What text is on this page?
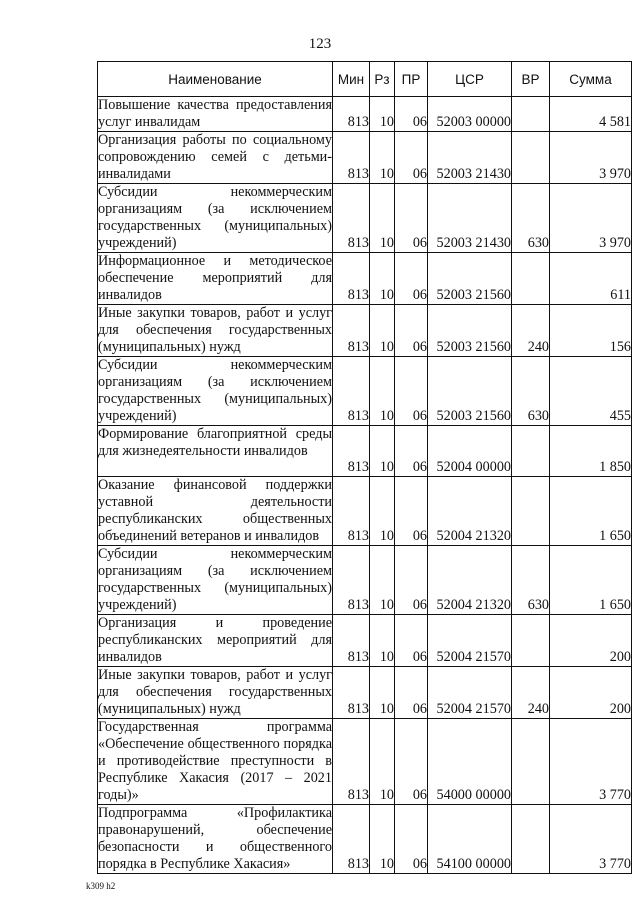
123
Наименование	Мин	Рз	ПР	ЦСР	ВР	Сумма
Повышение качества предоставления услуг инвалидам	813	10	06	52003 00000		4 581
Организация работы по социальному сопровождению семей с детьми-инвалидами	813	10	06	52003 21430		3 970
Субсидии некоммерческим организациям (за исключением государственных (муниципальных) учреждений)	813	10	06	52003 21430	630	3 970
Информационное и методическое обеспечение мероприятий для инвалидов	813	10	06	52003 21560		611
Иные закупки товаров, работ и услуг для обеспечения государственных (муниципальных) нужд	813	10	06	52003 21560	240	156
Субсидии некоммерческим организациям (за исключением государственных (муниципальных) учреждений)	813	10	06	52003 21560	630	455
Формирование благоприятной среды для жизнедеятельности инвалидов	813	10	06	52004 00000		1 850
Оказание финансовой поддержки уставной деятельности республиканских общественных объединений ветеранов и инвалидов	813	10	06	52004 21320		1 650
Субсидии некоммерческим организациям (за исключением государственных (муниципальных) учреждений)	813	10	06	52004 21320	630	1 650
Организация и проведение республиканских мероприятий для инвалидов	813	10	06	52004 21570		200
Иные закупки товаров, работ и услуг для обеспечения государственных (муниципальных) нужд	813	10	06	52004 21570	240	200
Государственная программа «Обеспечение общественного порядка и противодействие преступности в Республике Хакасия (2017 – 2021 годы)»	813	10	06	54000 00000		3 770
Подпрограмма «Профилактика правонарушений, обеспечение безопасности и общественного порядка в Республике Хакасия»	813	10	06	54100 00000		3 770
k309 h2
